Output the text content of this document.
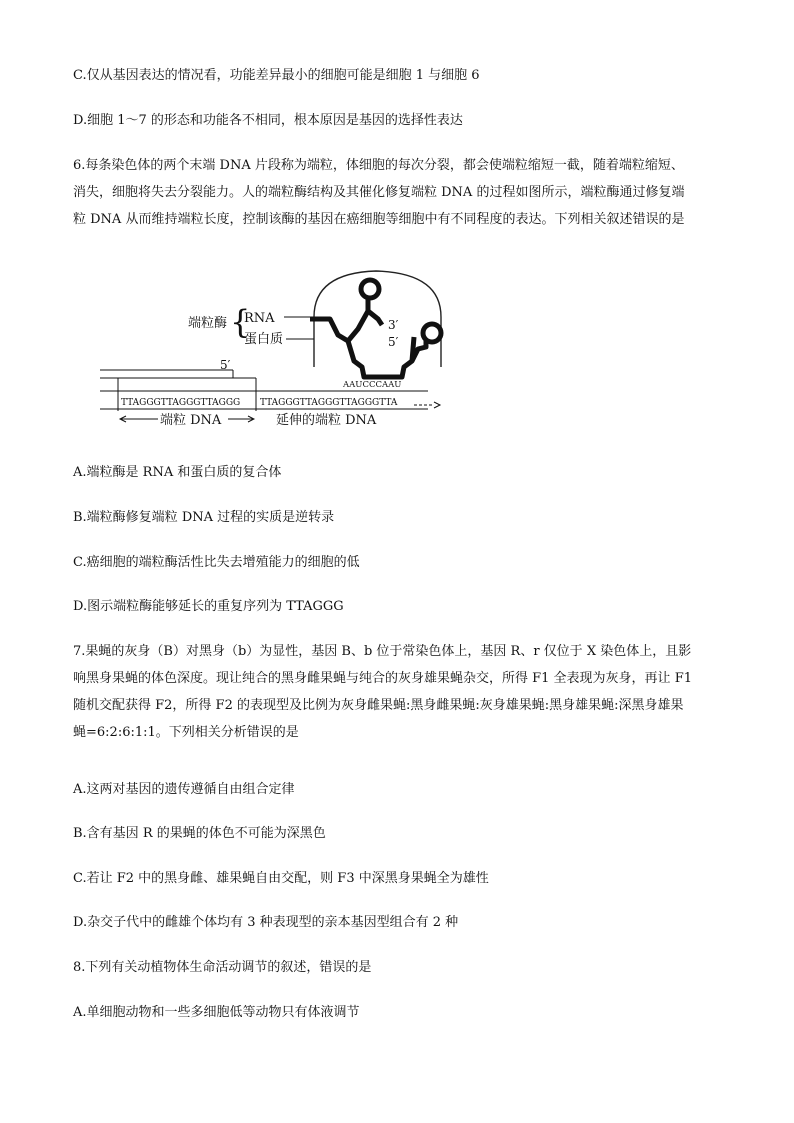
C.仅从基因表达的情况看，功能差异最小的细胞可能是细胞 1 与细胞 6
D.细胞 1～7 的形态和功能各不相同，根本原因是基因的选择性表达
6.每条染色体的两个末端 DNA 片段称为端粒，体细胞的每次分裂，都会使端粒缩短一截，随着端粒缩短、
消失，细胞将失去分裂能力。人的端粒酶结构及其催化修复端粒 DNA 的过程如图所示，端粒酶通过修复端
粒 DNA 从而维持端粒长度，控制该酶的基因在癌细胞等细胞中有不同程度的表达。下列相关叙述错误的是
端粒酶 {
RNA
蛋白质
3′
5′
AAUCCCAAU
5′
TTAGGGTTAGGGTTAGGG TTAGGGTTAGGGTTAGGGTTA
端粒 DNA	延伸的端粒 DNA
A.端粒酶是 RNA 和蛋白质的复合体
B.端粒酶修复端粒 DNA 过程的实质是逆转录
C.癌细胞的端粒酶活性比失去增殖能力的细胞的低
D.图示端粒酶能够延长的重复序列为 TTAGGG
7.果蝇的灰身（B）对黑身（b）为显性，基因 B、b 位于常染色体上，基因 R、r 仅位于 X 染色体上，且影
响黑身果蝇的体色深度。现让纯合的黑身雌果蝇与纯合的灰身雄果蝇杂交，所得 F1 全表现为灰身，再让 F1
随机交配获得 F2，所得 F2 的表现型及比例为灰身雌果蝇:黑身雌果蝇:灰身雄果蝇:黑身雄果蝇:深黑身雄果
蝇=6:2:6:1:1。下列相关分析错误的是
A.这两对基因的遗传遵循自由组合定律
B.含有基因 R 的果蝇的体色不可能为深黑色
C.若让 F2 中的黑身雌、雄果蝇自由交配，则 F3 中深黑身果蝇全为雄性
D.杂交子代中的雌雄个体均有 3 种表现型的亲本基因型组合有 2 种
8.下列有关动植物体生命活动调节的叙述，错误的是
A.单细胞动物和一些多细胞低等动物只有体液调节
